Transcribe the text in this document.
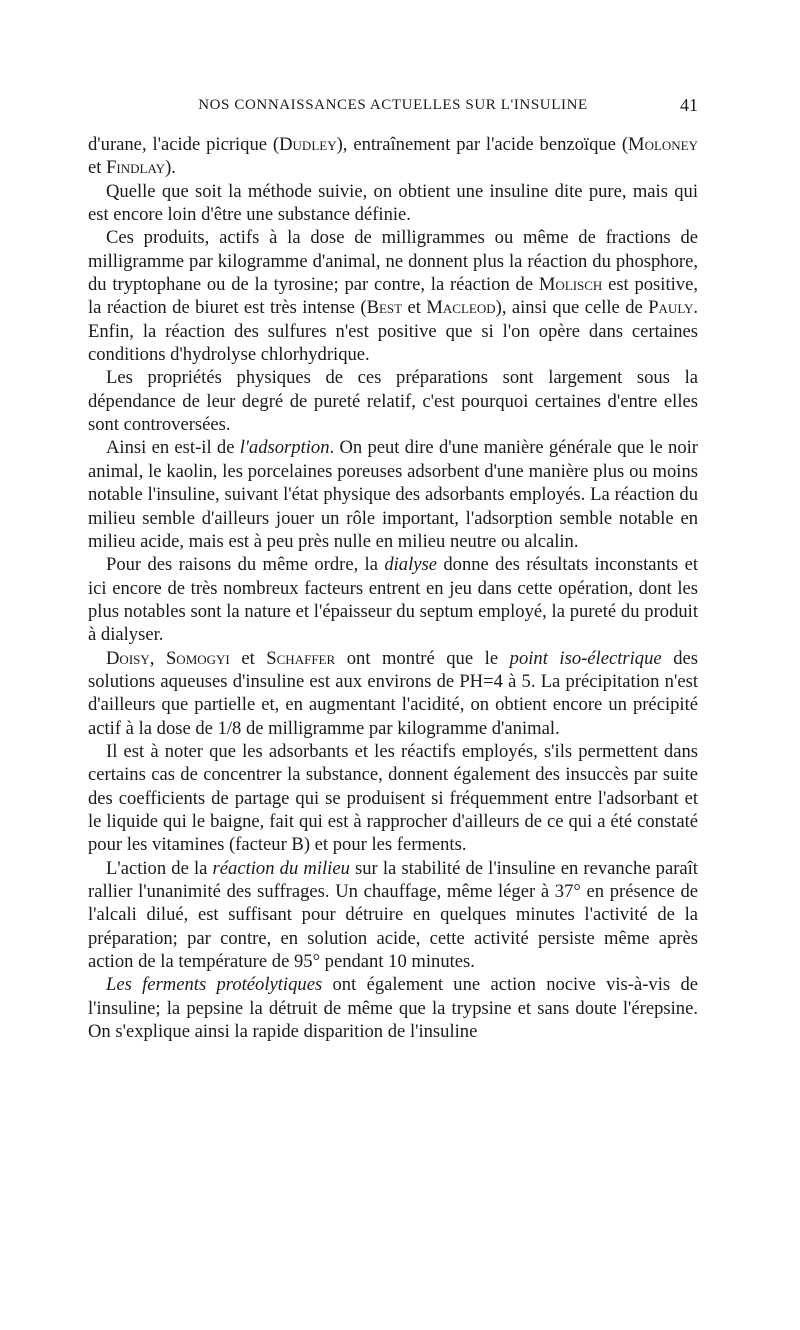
NOS CONNAISSANCES ACTUELLES SUR L'INSULINE	41

d'urane, l'acide picrique (Dudley), entraînement par l'acide benzoïque (Moloney et Findlay).

Quelle que soit la méthode suivie, on obtient une insuline dite pure, mais qui est encore loin d'être une substance définie.

Ces produits, actifs à la dose de milligrammes ou même de fractions de milligramme par kilogramme d'animal, ne donnent plus la réaction du phosphore, du tryptophane ou de la tyrosine; par contre, la réaction de Molisch est positive, la réaction de biuret est très intense (Best et Macleod), ainsi que celle de Pauly. Enfin, la réaction des sulfures n'est positive que si l'on opère dans certaines conditions d'hydrolyse chlorhydrique.

Les propriétés physiques de ces préparations sont largement sous la dépendance de leur degré de pureté relatif, c'est pourquoi certaines d'entre elles sont controversées.

Ainsi en est-il de l'adsorption. On peut dire d'une manière générale que le noir animal, le kaolin, les porcelaines poreuses adsorbent d'une manière plus ou moins notable l'insuline, suivant l'état physique des adsorbants employés. La réaction du milieu semble d'ailleurs jouer un rôle important, l'adsorption semble notable en milieu acide, mais est à peu près nulle en milieu neutre ou alcalin.

Pour des raisons du même ordre, la dialyse donne des résultats inconstants et ici encore de très nombreux facteurs entrent en jeu dans cette opération, dont les plus notables sont la nature et l'épaisseur du septum employé, la pureté du produit à dialyser.

Doisy, Somogyi et Schaffer ont montré que le point iso-électrique des solutions aqueuses d'insuline est aux environs de PH=4 à 5. La précipitation n'est d'ailleurs que partielle et, en augmentant l'acidité, on obtient encore un précipité actif à la dose de 1/8 de milligramme par kilogramme d'animal.

Il est à noter que les adsorbants et les réactifs employés, s'ils permettent dans certains cas de concentrer la substance, donnent également des insuccès par suite des coefficients de partage qui se produisent si fréquemment entre l'adsorbant et le liquide qui le baigne, fait qui est à rapprocher d'ailleurs de ce qui a été constaté pour les vitamines (facteur B) et pour les ferments.

L'action de la réaction du milieu sur la stabilité de l'insuline en revanche paraît rallier l'unanimité des suffrages. Un chauffage, même léger à 37° en présence de l'alcali dilué, est suffisant pour détruire en quelques minutes l'activité de la préparation; par contre, en solution acide, cette activité persiste même après action de la température de 95° pendant 10 minutes.

Les ferments protéolytiques ont également une action nocive vis-à-vis de l'insuline; la pepsine la détruit de même que la trypsine et sans doute l'érepsine. On s'explique ainsi la rapide disparition de l'insuline
